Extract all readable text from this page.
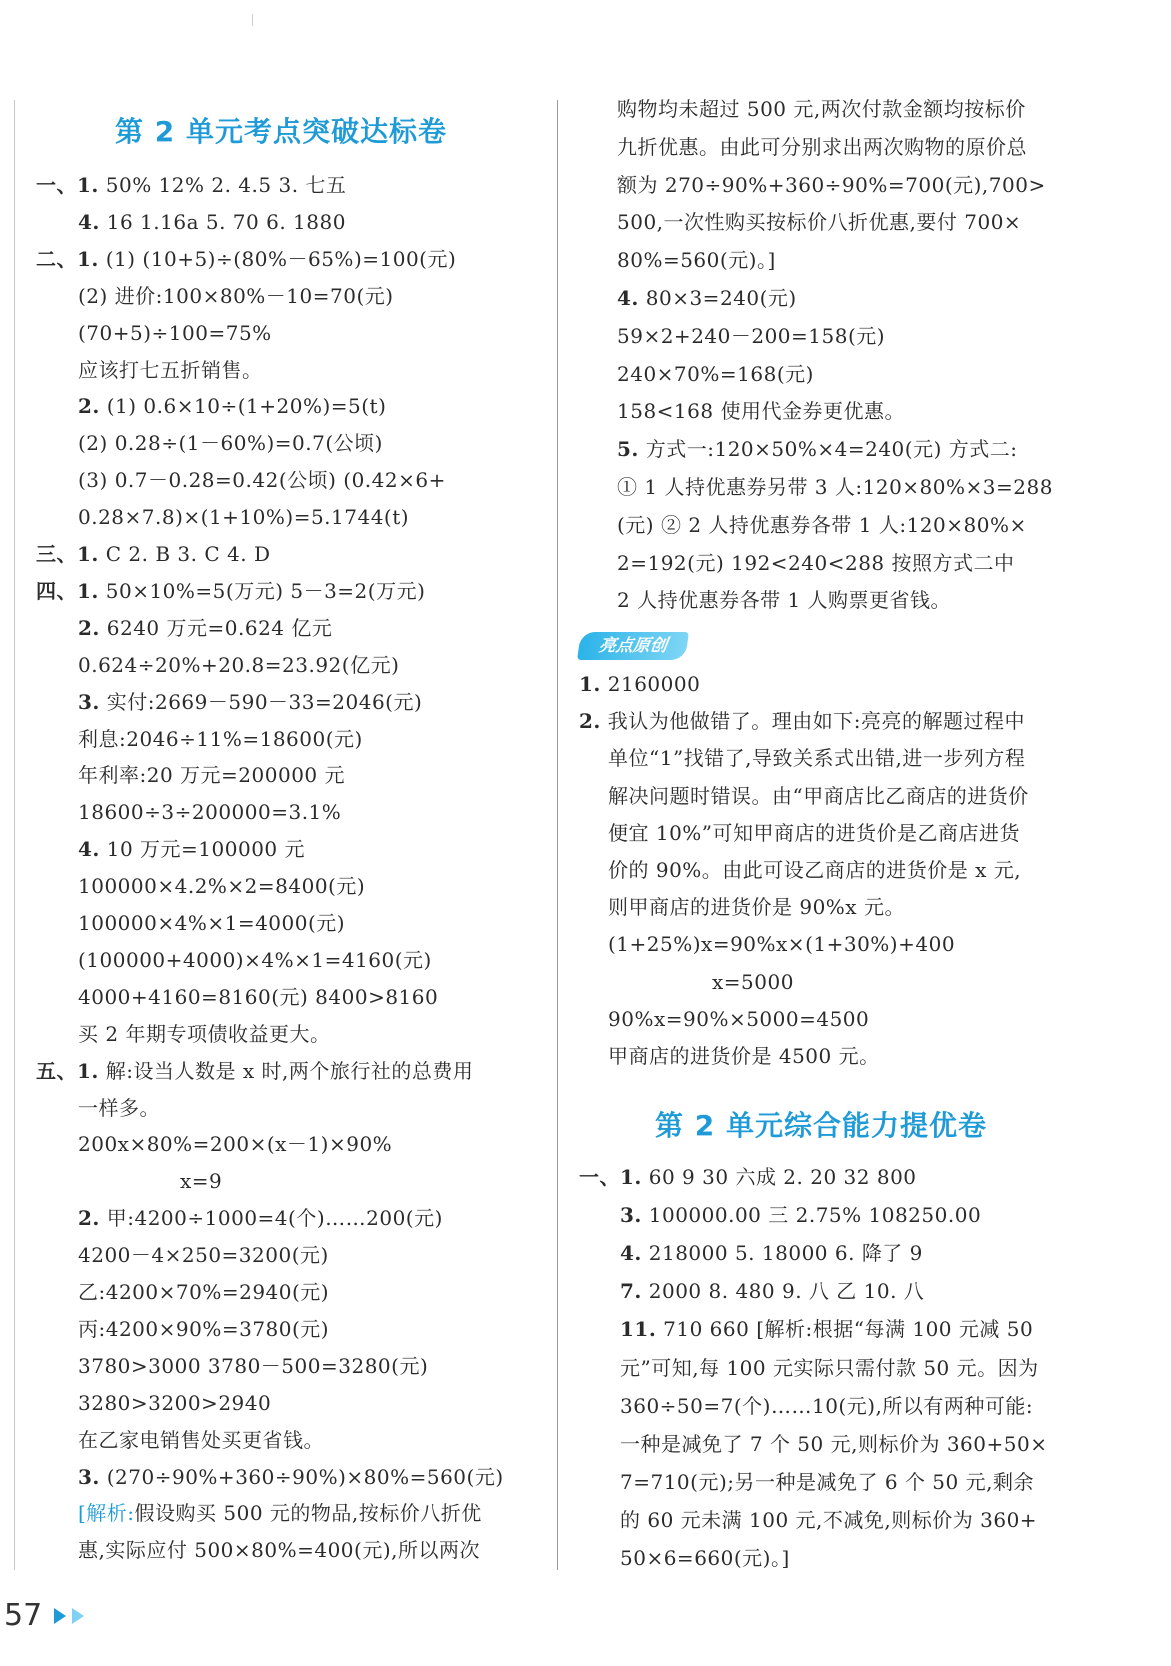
第 2 单元考点突破达标卷
一、1. 50% 12% 2. 4.5 3. 七五
4. 16 1.16a 5. 70 6. 1880
二、1. (1) (10+5)÷(80%－65%)=100(元)
(2) 进价:100×80%－10=70(元)
(70+5)÷100=75%
应该打七五折销售。
2. (1) 0.6×10÷(1+20%)=5(t)
(2) 0.28÷(1－60%)=0.7(公顷)
(3) 0.7－0.28=0.42(公顷) (0.42×6+
0.28×7.8)×(1+10%)=5.1744(t)
三、1. C 2. B 3. C 4. D
四、1. 50×10%=5(万元) 5－3=2(万元)
2. 6240 万元=0.624 亿元
0.624÷20%+20.8=23.92(亿元)
3. 实付:2669－590－33=2046(元)
利息:2046÷11%=18600(元)
年利率:20 万元=200000 元
18600÷3÷200000=3.1%
4. 10 万元=100000 元
100000×4.2%×2=8400(元)
100000×4%×1=4000(元)
(100000+4000)×4%×1=4160(元)
4000+4160=8160(元) 8400>8160
买 2 年期专项债收益更大。
五、1. 解:设当人数是 x 时,两个旅行社的总费用
一样多。
200x×80%=200×(x－1)×90%
x=9
2. 甲:4200÷1000=4(个)……200(元)
4200－4×250=3200(元)
乙:4200×70%=2940(元)
丙:4200×90%=3780(元)
3780>3000 3780－500=3280(元)
3280>3200>2940
在乙家电销售处买更省钱。
3. (270÷90%+360÷90%)×80%=560(元)
[解析:假设购买 500 元的物品,按标价八折优
惠,实际应付 500×80%=400(元),所以两次
购物均未超过 500 元,两次付款金额均按标价
九折优惠。由此可分别求出两次购物的原价总
额为 270÷90%+360÷90%=700(元),700>
500,一次性购买按标价八折优惠,要付 700×
80%=560(元)。]
4. 80×3=240(元)
59×2+240－200=158(元)
240×70%=168(元)
158<168 使用代金券更优惠。
5. 方式一:120×50%×4=240(元) 方式二:
① 1 人持优惠券另带 3 人:120×80%×3=288
(元) ② 2 人持优惠券各带 1 人:120×80%×
2=192(元) 192<240<288 按照方式二中
2 人持优惠券各带 1 人购票更省钱。
亮点原创
1. 2160000
2. 我认为他做错了。理由如下:亮亮的解题过程中
单位“1”找错了,导致关系式出错,进一步列方程
解决问题时错误。由“甲商店比乙商店的进货价
便宜 10%”可知甲商店的进货价是乙商店进货
价的 90%。由此可设乙商店的进货价是 x 元,
则甲商店的进货价是 90%x 元。
(1+25%)x=90%x×(1+30%)+400
x=5000
90%x=90%×5000=4500
甲商店的进货价是 4500 元。
第 2 单元综合能力提优卷
一、1. 60 9 30 六成 2. 20 32 800
3. 100000.00 三 2.75% 108250.00
4. 218000 5. 18000 6. 降了 9
7. 2000 8. 480 9. 八 乙 10. 八
11. 710 660 [解析:根据“每满 100 元减 50
元”可知,每 100 元实际只需付款 50 元。因为
360÷50=7(个)……10(元),所以有两种可能:
一种是减免了 7 个 50 元,则标价为 360+50×
7=710(元);另一种是减免了 6 个 50 元,剩余
的 60 元未满 100 元,不减免,则标价为 360+
50×6=660(元)。]
57
